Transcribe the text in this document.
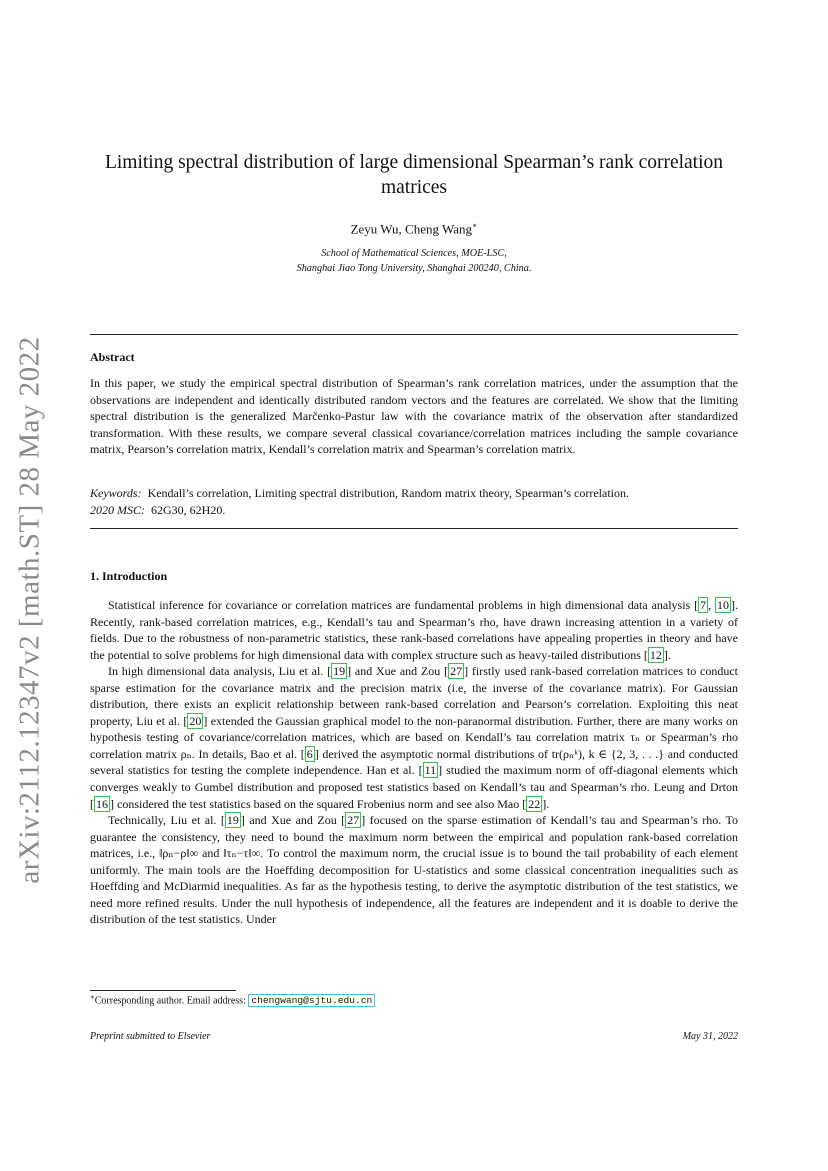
arXiv:2112.12347v2 [math.ST] 28 May 2022
Limiting spectral distribution of large dimensional Spearman’s rank correlation matrices
Zeyu Wu, Cheng Wang∗
School of Mathematical Sciences, MOE-LSC,
Shanghai Jiao Tong University, Shanghai 200240, China.
Abstract
In this paper, we study the empirical spectral distribution of Spearman’s rank correlation matrices, under the assumption that the observations are independent and identically distributed random vectors and the features are correlated. We show that the limiting spectral distribution is the generalized Marčenko-Pastur law with the covariance matrix of the observation after standardized transformation. With these results, we compare several classical covariance/correlation matrices including the sample covariance matrix, Pearson’s correlation matrix, Kendall’s correlation matrix and Spearman’s correlation matrix.
Keywords: Kendall’s correlation, Limiting spectral distribution, Random matrix theory, Spearman’s correlation.
2020 MSC: 62G30, 62H20.
1. Introduction

Statistical inference for covariance or correlation matrices are fundamental problems in high dimensional data analysis [ 7 , 10 ]. Recently, rank-based correlation matrices, e.g., Kendall’s tau and Spearman’s rho, have drawn increasing attention in a variety of fields. Due to the robustness of non-parametric statistics, these rank-based correlations have appealing properties in theory and have the potential to solve problems for high dimensional data with complex structure such as heavy-tailed distributions [ 12 ].

In high dimensional data analysis, Liu et al. [ 19 ] and Xue and Zou [ 27 ] firstly used rank-based correlation matrices to conduct sparse estimation for the covariance matrix and the precision matrix (i.e, the inverse of the covariance matrix). For Gaussian distribution, there exists an explicit relationship between rank-based correlation and Pearson’s correlation. Exploiting this neat property, Liu et al. [ 20 ] extended the Gaussian graphical model to the non-paranormal distribution. Further, there are many works on hypothesis testing of covariance/correlation matrices, which are based on Kendall’s tau correlation matrix τₙ or Spearman’s rho correlation matrix ρₙ. In details, Bao et al. [ 6 ] derived the asymptotic normal distributions of tr(ρₙᵏ), k ∈ {2, 3, . . .} and conducted several statistics for testing the complete independence. Han et al. [ 11 ] studied the maximum norm of off-diagonal elements which converges weakly to Gumbel distribution and proposed test statistics based on Kendall’s tau and Spearman’s rho. Leung and Drton [ 16 ] considered the test statistics based on the squared Frobenius norm and see also Mao [ 22 ].

Technically, Liu et al. [ 19 ] and Xue and Zou [ 27 ] focused on the sparse estimation of Kendall’s tau and Spearman’s rho. To guarantee the consistency, they need to bound the maximum norm between the empirical and population rank-based correlation matrices, i.e., ‖ρₙ−ρ‖∞ and ‖τₙ−τ‖∞. To control the maximum norm, the crucial issue is to bound the tail probability of each element uniformly. The main tools are the Hoeffding decomposition for U-statistics and some classical concentration inequalities such as Hoeffding and McDiarmid inequalities. As far as the hypothesis testing, to derive the asymptotic distribution of the test statistics, we need more refined results. Under the null hypothesis of independence, all the features are independent and it is doable to derive the distribution of the test statistics. Under

∗Corresponding author. Email address: chengwang@sjtu.edu.cn
Preprint submitted to Elsevier	May 31, 2022
